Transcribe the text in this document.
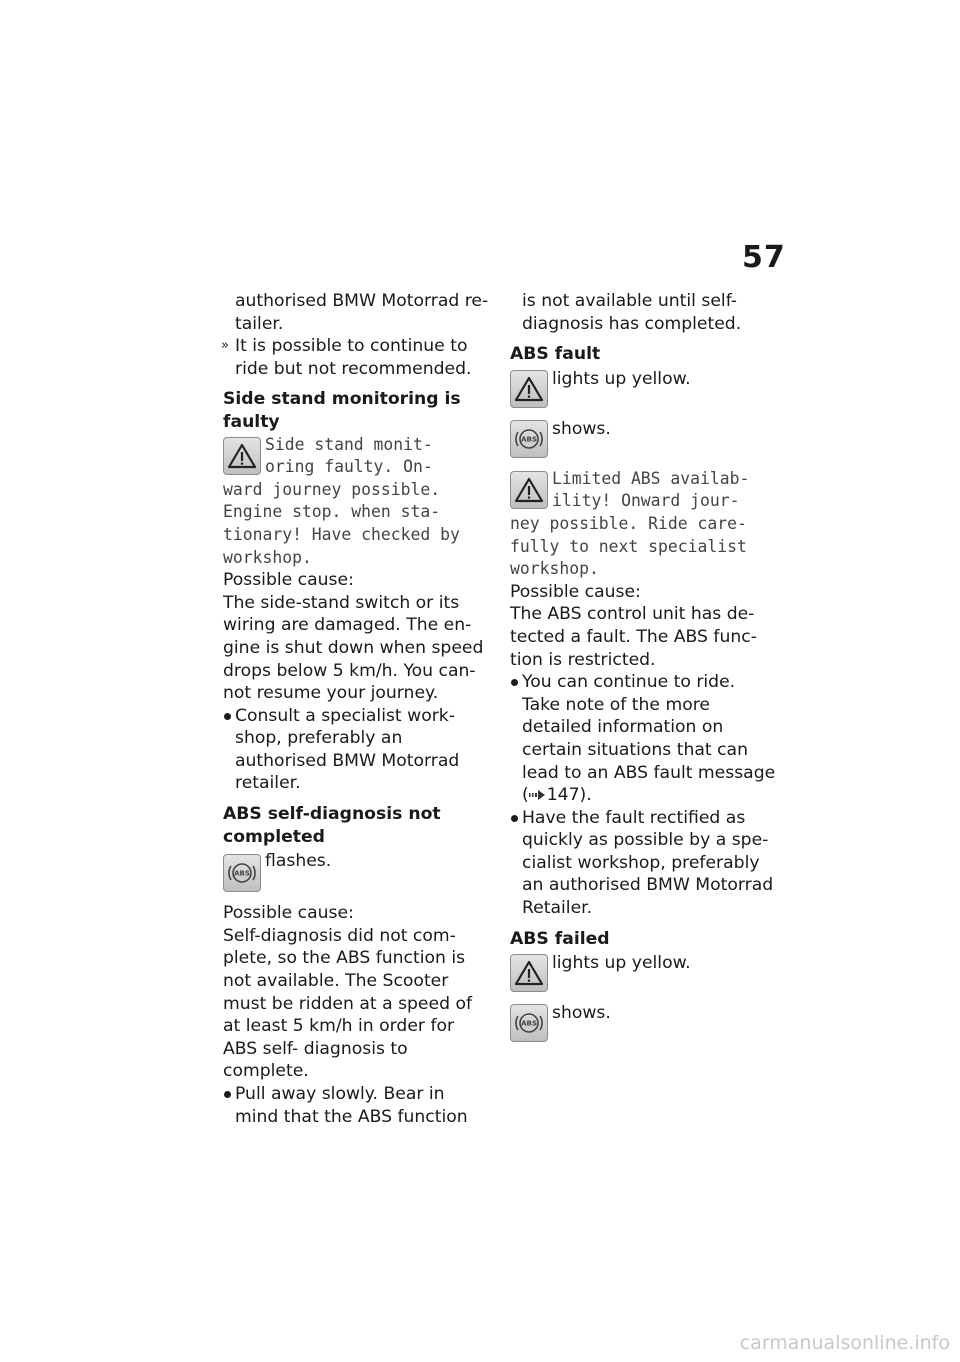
57

authorised BMW Motorrad re-
tailer.

» It is possible to continue to ride but not recommended.

Side stand monitoring is faulty

Side stand monit-
oring faulty. On-
ward journey possible. Engine stop. when sta- tionary! Have checked by workshop.

Possible cause:

The side-stand switch or its wiring are damaged. The en- gine is shut down when speed drops below 5 km/h. You can- not resume your journey.

Consult a specialist work- shop, preferably an authorised BMW Motorrad retailer.

ABS self-diagnosis not completed

ABS
flashes.

Possible cause:

Self-diagnosis did not com- plete, so the ABS function is not available. The Scooter must be ridden at a speed of at least 5 km/h in order for ABS self- diagnosis to complete.

Pull away slowly. Bear in mind that the ABS function

is not available until self- diagnosis has completed.

ABS fault

lights up yellow.
ABS
shows.
Limited ABS availab-
ility! Onward jour-
ney possible. Ride care- fully to next specialist workshop.

Possible cause:

The ABS control unit has de- tected a fault. The ABS func- tion is restricted.

You can continue to ride. Take note of the more detailed information on certain situations that can lead to an ABS fault message ( 147).

Have the fault rectified as quickly as possible by a spe- cialist workshop, preferably an authorised BMW Motorrad Retailer.

ABS failed

lights up yellow.
ABS
shows.
carmanualsonline.info
